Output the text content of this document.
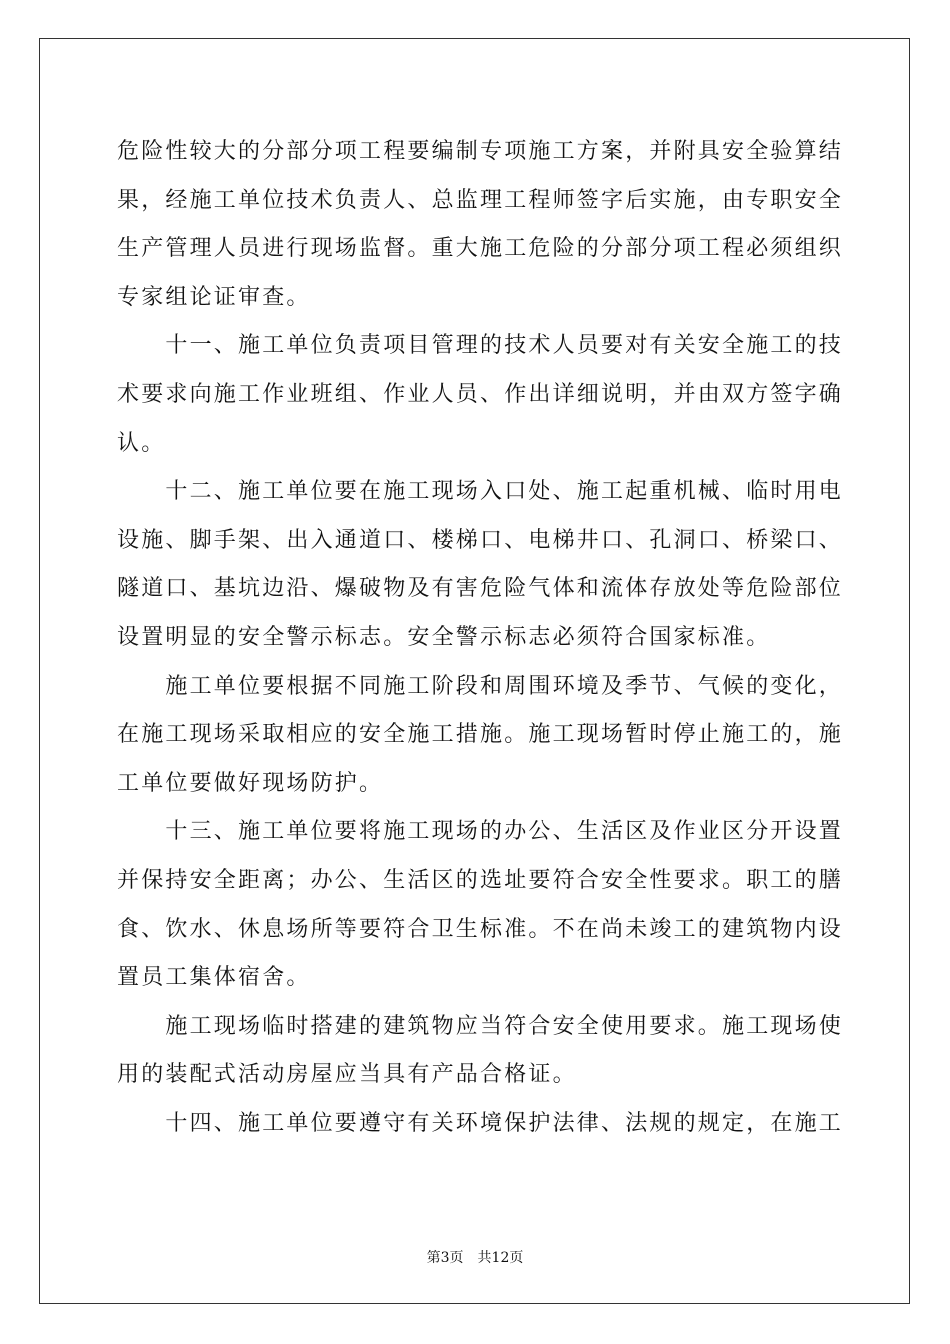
危险性较大的分部分项工程要编制专项施工方案，并附具安全验算结
果，经施工单位技术负责人、总监理工程师签字后实施，由专职安全
生产管理人员进行现场监督。重大施工危险的分部分项工程必须组织
专家组论证审查。
　　十一、施工单位负责项目管理的技术人员要对有关安全施工的技
术要求向施工作业班组、作业人员、作出详细说明，并由双方签字确
认。
　　十二、施工单位要在施工现场入口处、施工起重机械、临时用电
设施、脚手架、出入通道口、楼梯口、电梯井口、孔洞口、桥梁口、
隧道口、基坑边沿、爆破物及有害危险气体和流体存放处等危险部位
设置明显的安全警示标志。安全警示标志必须符合国家标准。
　　施工单位要根据不同施工阶段和周围环境及季节、气候的变化，
在施工现场采取相应的安全施工措施。施工现场暂时停止施工的，施
工单位要做好现场防护。
　　十三、施工单位要将施工现场的办公、生活区及作业区分开设置
并保持安全距离；办公、生活区的选址要符合安全性要求。职工的膳
食、饮水、休息场所等要符合卫生标准。不在尚未竣工的建筑物内设
置员工集体宿舍。
　　施工现场临时搭建的建筑物应当符合安全使用要求。施工现场使
用的装配式活动房屋应当具有产品合格证。
　　十四、施工单位要遵守有关环境保护法律、法规的规定，在施工
第3页 共12页
